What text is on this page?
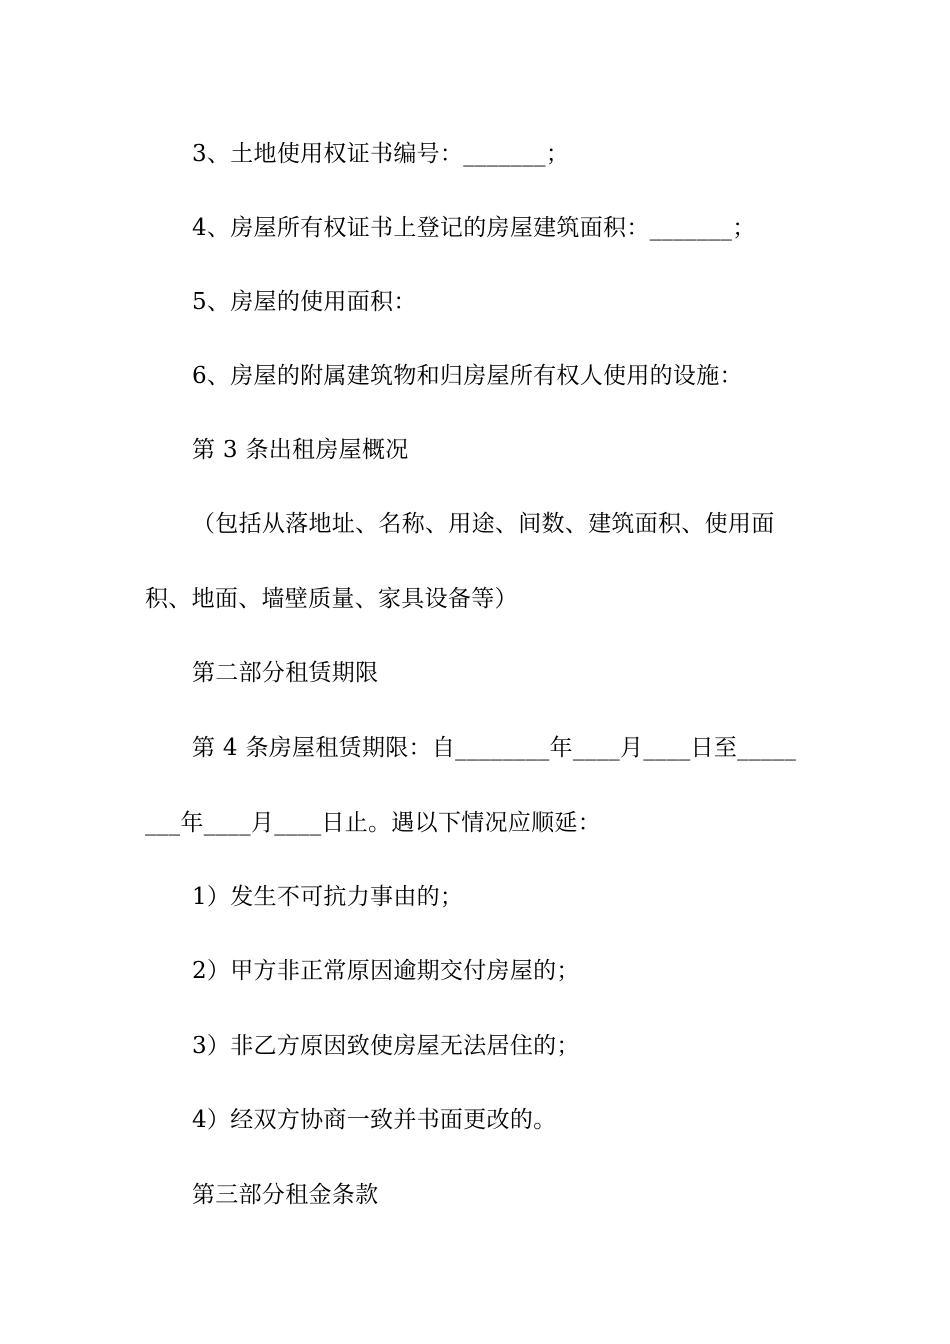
3、土地使用权证书编号：_______；
4、房屋所有权证书上登记的房屋建筑面积：_______；
5、房屋的使用面积：
6、房屋的附属建筑物和归房屋所有权人使用的设施：
第 3 条出租房屋概况
（包括从落地址、名称、用途、间数、建筑面积、使用面
积、地面、墙壁质量、家具设备等）
第二部分租赁期限
第 4 条房屋租赁期限：自________年____月____日至_____
___年____月____日止。遇以下情况应顺延：
1）发生不可抗力事由的；
2）甲方非正常原因逾期交付房屋的；
3）非乙方原因致使房屋无法居住的；
4）经双方协商一致并书面更改的。
第三部分租金条款
